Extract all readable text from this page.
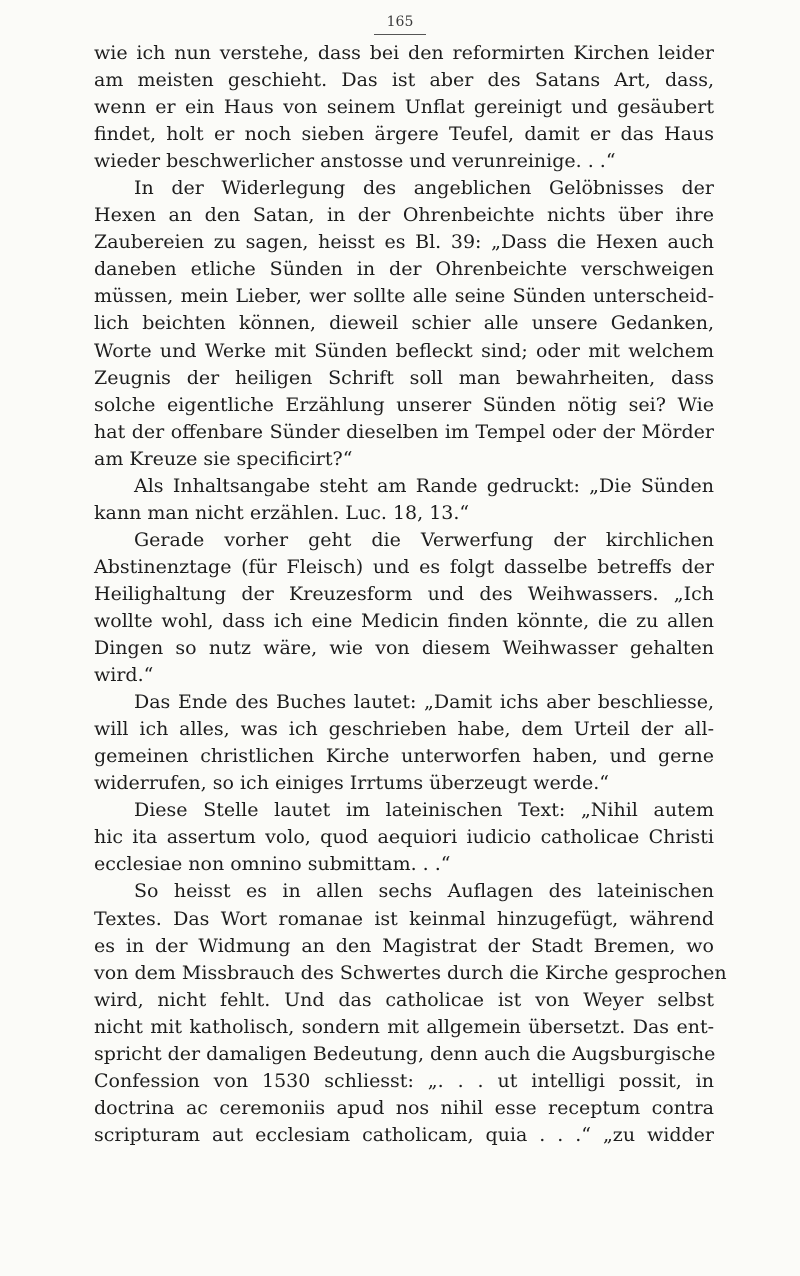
165
wie ich nun verstehe, dass bei den reformirten Kirchen leider
am meisten geschieht. Das ist aber des Satans Art, dass,
wenn er ein Haus von seinem Unflat gereinigt und gesäubert
findet, holt er noch sieben ärgere Teufel, damit er das Haus
wieder beschwerlicher anstosse und verunreinige. . .“
In der Widerlegung des angeblichen Gelöbnisses der
Hexen an den Satan, in der Ohrenbeichte nichts über ihre
Zaubereien zu sagen, heisst es Bl. 39: „Dass die Hexen auch
daneben etliche Sünden in der Ohrenbeichte verschweigen
müssen, mein Lieber, wer sollte alle seine Sünden unterscheid-
lich beichten können, dieweil schier alle unsere Gedanken,
Worte und Werke mit Sünden befleckt sind; oder mit welchem
Zeugnis der heiligen Schrift soll man bewahrheiten, dass
solche eigentliche Erzählung unserer Sünden nötig sei? Wie
hat der offenbare Sünder dieselben im Tempel oder der Mörder
am Kreuze sie specificirt?“
Als Inhaltsangabe steht am Rande gedruckt: „Die Sünden
kann man nicht erzählen. Luc. 18, 13.“
Gerade vorher geht die Verwerfung der kirchlichen
Abstinenztage (für Fleisch) und es folgt dasselbe betreffs der
Heilighaltung der Kreuzesform und des Weihwassers. „Ich
wollte wohl, dass ich eine Medicin finden könnte, die zu allen
Dingen so nutz wäre, wie von diesem Weihwasser gehalten
wird.“
Das Ende des Buches lautet: „Damit ichs aber beschliesse,
will ich alles, was ich geschrieben habe, dem Urteil der all-
gemeinen christlichen Kirche unterworfen haben, und gerne
widerrufen, so ich einiges Irrtums überzeugt werde.“
Diese Stelle lautet im lateinischen Text: „Nihil autem
hic ita assertum volo, quod aequiori iudicio catholicae Christi
ecclesiae non omnino submittam. . .“
So heisst es in allen sechs Auflagen des lateinischen
Textes. Das Wort romanae ist keinmal hinzugefügt, während
es in der Widmung an den Magistrat der Stadt Bremen, wo
von dem Missbrauch des Schwertes durch die Kirche gesprochen
wird, nicht fehlt. Und das catholicae ist von Weyer selbst
nicht mit katholisch, sondern mit allgemein übersetzt. Das ent-
spricht der damaligen Bedeutung, denn auch die Augsburgische
Confession von 1530 schliesst: „. . . ut intelligi possit, in
doctrina ac ceremoniis apud nos nihil esse receptum contra
scripturam aut ecclesiam catholicam, quia . . .“ „zu widder
